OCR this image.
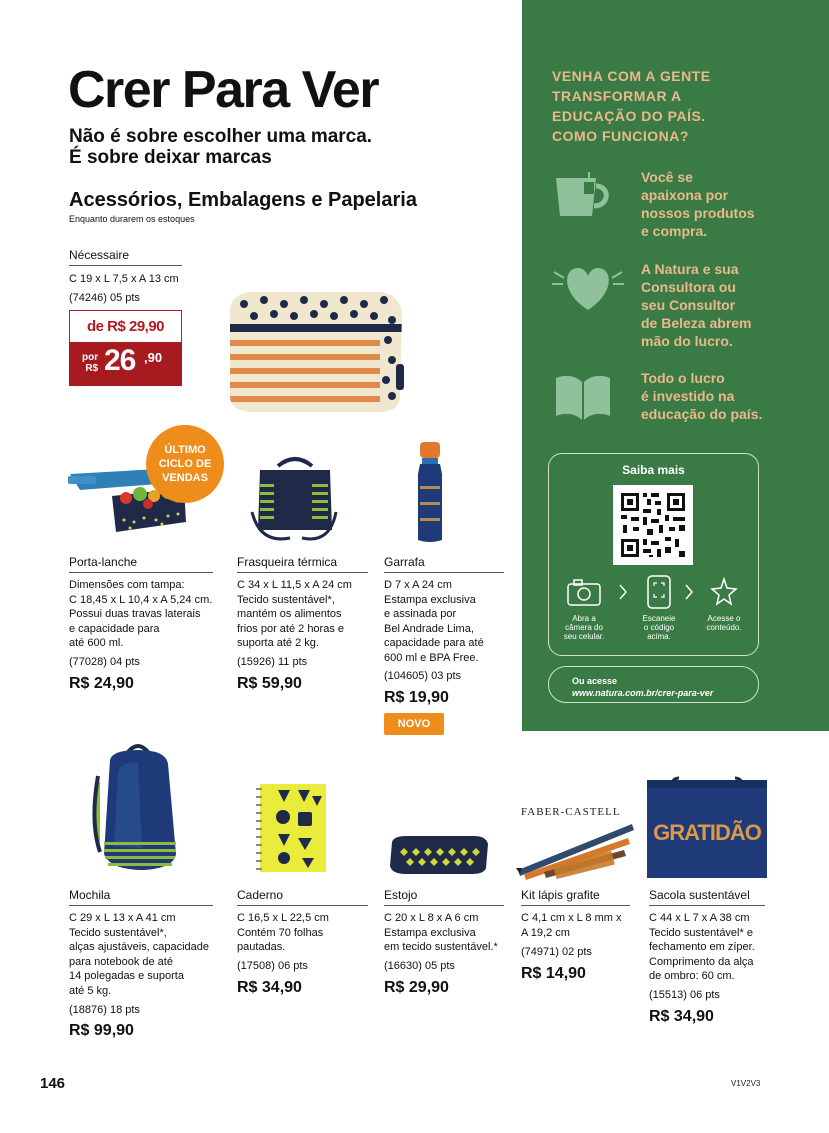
Crer Para Ver
Não é sobre escolher uma marca.
É sobre deixar marcas
Acessórios, Embalagens e Papelaria
Enquanto durarem os estoques
VENHA COM A GENTE
TRANSFORMAR A
EDUCAÇÃO DO PAÍS.
COMO FUNCIONA?
Você se
apaixona por
nossos produtos
e compra.
A Natura e sua
Consultora ou
seu Consultor
de Beleza abrem
mão do lucro.
Todo o lucro
é investido na
educação do país.
Saiba mais
Abra a
câmera do
seu celular.
Escaneie
o código
acima.
Acesse o
conteúdo.
Ou acesse
www.natura.com.br/crer-para-ver
Nécessaire
C 19 x L 7,5 x A 13 cm
(74246) 05 pts
de R$ 29,90
por
R$ 26 ,90
ÚLTIMO
CICLO DE
VENDAS
Porta-lanche
Dimensões com tampa:
C 18,45 x L 10,4 x A 5,24 cm.
Possui duas travas laterais
e capacidade para
até 600 ml.
(77028) 04 pts
R$ 24,90
Frasqueira térmica
C 34 x L 11,5 x A 24 cm
Tecido sustentável*,
mantém os alimentos
frios por até 2 horas e
suporta até 2 kg.
(15926) 11 pts
R$ 59,90
Garrafa
D 7 x A 24 cm
Estampa exclusiva
e assinada por
Bel Andrade Lima,
capacidade para até
600 ml e BPA Free.
(104605) 03 pts
R$ 19,90
NOVO
Mochila
C 29 x L 13 x A 41 cm
Tecido sustentável*,
alças ajustáveis, capacidade
para notebook de até
14 polegadas e suporta
até 5 kg.
(18876) 18 pts
R$ 99,90
Caderno
C 16,5 x L 22,5 cm
Contém 70 folhas
pautadas.
(17508) 06 pts
R$ 34,90
Estojo
C 20 x L 8 x A 6 cm
Estampa exclusiva
em tecido sustentável.*
(16630) 05 pts
R$ 29,90
FABER-CASTELL
Kit lápis grafite
C 4,1 cm x L 8 mm x
A 19,2 cm
(74971) 02 pts
R$ 14,90
GRATIDÃO
Sacola sustentável
C 44 x L 7 x A 38 cm
Tecido sustentável* e
fechamento em zíper.
Comprimento da alça
de ombro: 60 cm.
(15513) 06 pts
R$ 34,90
146	V1V2V3
